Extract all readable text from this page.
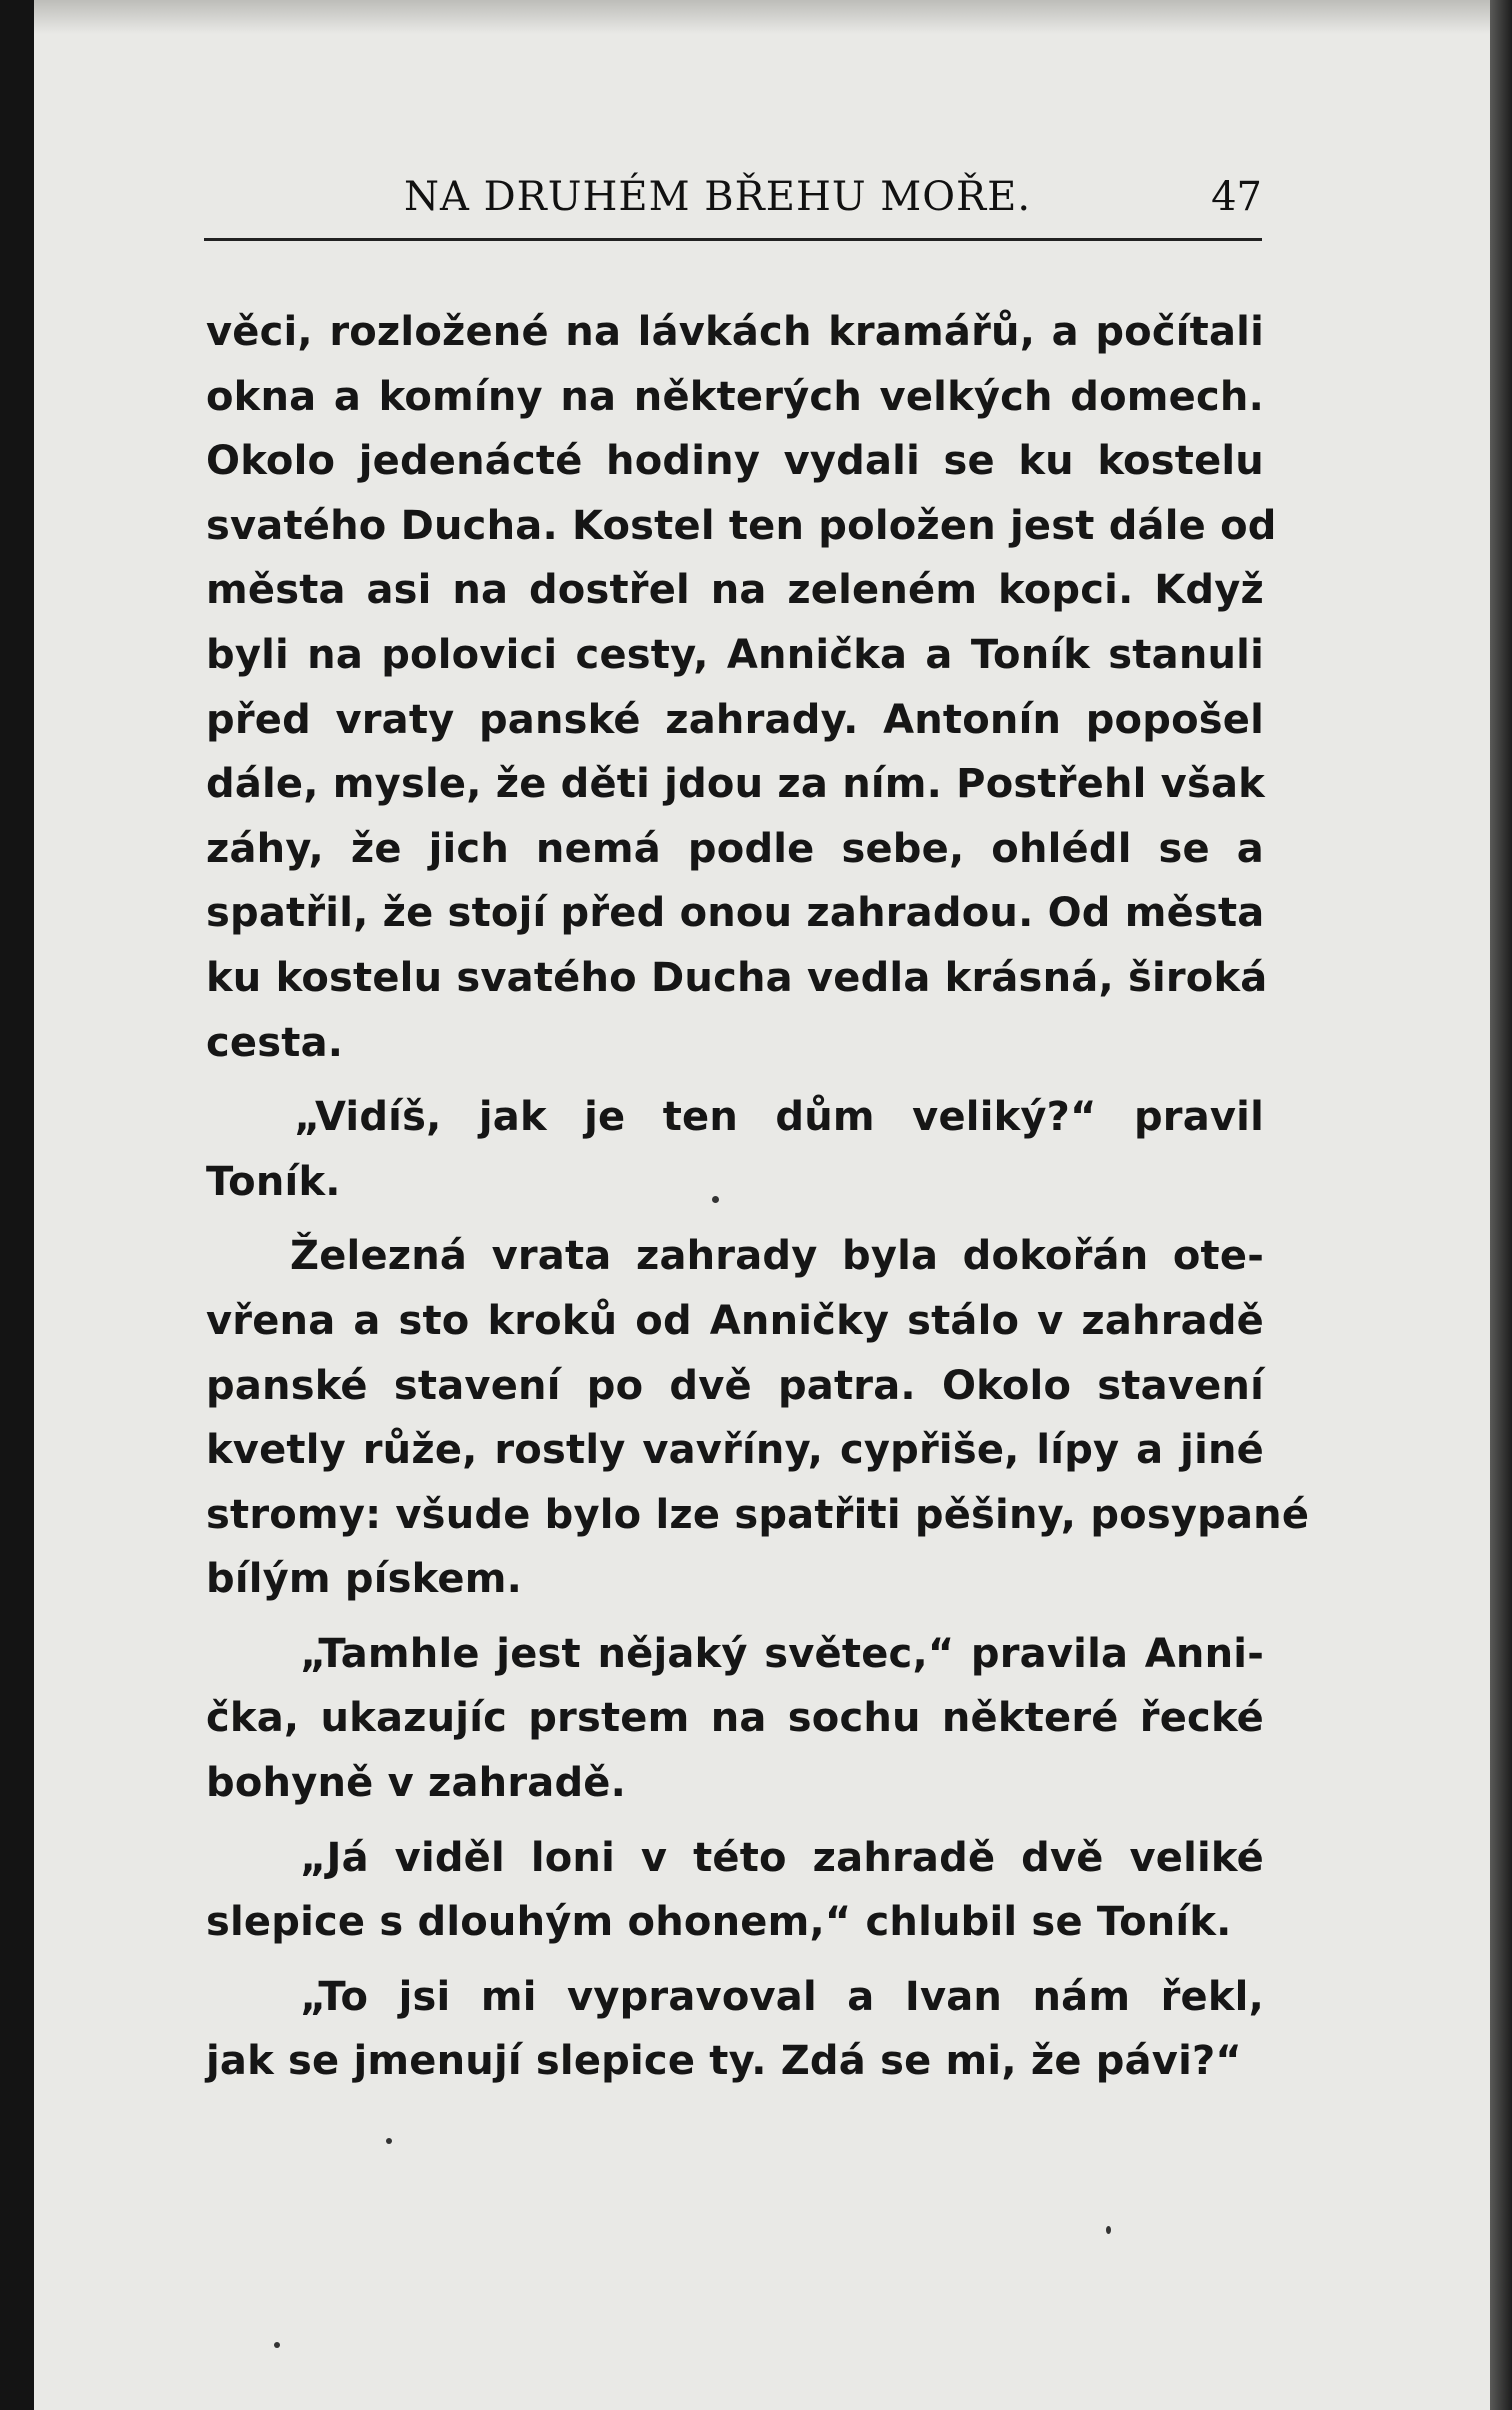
NA DRUHÉM BŘEHU MOŘE.	47
věci, rozložené na lávkách kramářů, a počítali
okna a komíny na některých velkých domech.
Okolo jedenácté hodiny vydali se ku kostelu
svatého Ducha. Kostel ten položen jest dále od
města asi na dostřel na zeleném kopci. Když
byli na polovici cesty, Annička a Toník stanuli
před vraty panské zahrady. Antonín popošel
dále, mysle, že děti jdou za ním. Postřehl však
záhy, že jich nemá podle sebe, ohlédl se a
spatřil, že stojí před onou zahradou. Od města
ku kostelu svatého Ducha vedla krásná, široká
cesta.
„Vidíš, jak je ten dům veliký?“ pravil
Toník.
Železná vrata zahrady byla dokořán ote-
vřena a sto kroků od Anničky stálo v zahradě
panské stavení po dvě patra. Okolo stavení
kvetly růže, rostly vavříny, cypřiše, lípy a jiné
stromy: všude bylo lze spatřiti pěšiny, posypané
bílým pískem.
„Tamhle jest nějaký světec,“ pravila Anni-
čka, ukazujíc prstem na sochu některé řecké
bohyně v zahradě.
„Já viděl loni v této zahradě dvě veliké
slepice s dlouhým ohonem,“ chlubil se Toník.
„To jsi mi vypravoval a Ivan nám řekl,
jak se jmenují slepice ty. Zdá se mi, že pávi?“
